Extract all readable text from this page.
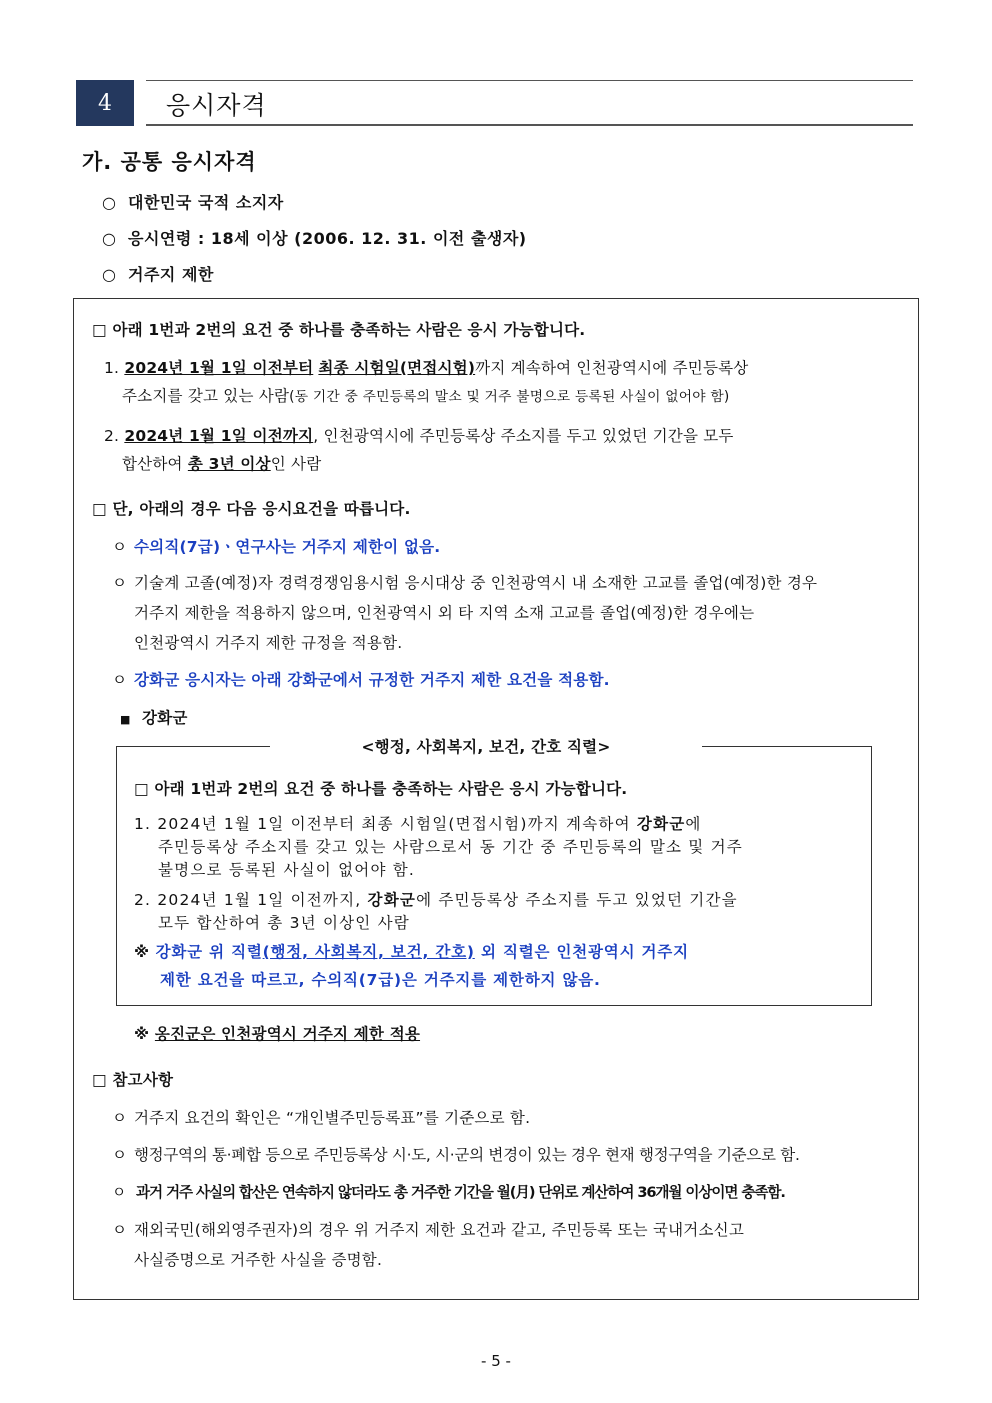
4	응시자격
가. 공통 응시자격
○ 대한민국 국적 소지자
○ 응시연령 : 18세 이상 (2006. 12. 31. 이전 출생자)
○ 거주지 제한
□ 아래 1번과 2번의 요건 중 하나를 충족하는 사람은 응시 가능합니다.
1. 2024년 1월 1일 이전부터 최종 시험일(면접시험)까지 계속하여 인천광역시에 주민등록상
주소지를 갖고 있는 사람(동 기간 중 주민등록의 말소 및 거주 불명으로 등록된 사실이 없어야 함)
2. 2024년 1월 1일 이전까지, 인천광역시에 주민등록상 주소지를 두고 있었던 기간을 모두
합산하여 총 3년 이상인 사람
□ 단, 아래의 경우 다음 응시요건을 따릅니다.
ㅇ 수의직(7급)ㆍ연구사는 거주지 제한이 없음.
ㅇ 기술계 고졸(예정)자 경력경쟁임용시험 응시대상 중 인천광역시 내 소재한 고교를 졸업(예정)한 경우
거주지 제한을 적용하지 않으며, 인천광역시 외 타 지역 소재 고교를 졸업(예정)한 경우에는
인천광역시 거주지 제한 규정을 적용함.
ㅇ 강화군 응시자는 아래 강화군에서 규정한 거주지 제한 요건을 적용함.
■ 강화군
<행정, 사회복지, 보건, 간호 직렬>
□ 아래 1번과 2번의 요건 중 하나를 충족하는 사람은 응시 가능합니다.
1. 2024년 1월 1일 이전부터 최종 시험일(면접시험)까지 계속하여 강화군에
주민등록상 주소지를 갖고 있는 사람으로서 동 기간 중 주민등록의 말소 및 거주
불명으로 등록된 사실이 없어야 함.
2. 2024년 1월 1일 이전까지, 강화군에 주민등록상 주소지를 두고 있었던 기간을
모두 합산하여 총 3년 이상인 사람
※ 강화군 위 직렬(행정, 사회복지, 보건, 간호) 외 직렬은 인천광역시 거주지
제한 요건을 따르고, 수의직(7급)은 거주지를 제한하지 않음.
※ 옹진군은 인천광역시 거주지 제한 적용
□ 참고사항
ㅇ 거주지 요건의 확인은 “개인별주민등록표”를 기준으로 함.
ㅇ 행정구역의 통·폐합 등으로 주민등록상 시·도, 시·군의 변경이 있는 경우 현재 행정구역을 기준으로 함.
ㅇ 과거 거주 사실의 합산은 연속하지 않더라도 총 거주한 기간을 월(月) 단위로 계산하여 36개월 이상이면 충족함.
ㅇ 재외국민(해외영주권자)의 경우 위 거주지 제한 요건과 같고, 주민등록 또는 국내거소신고
사실증명으로 거주한 사실을 증명함.
- 5 -
